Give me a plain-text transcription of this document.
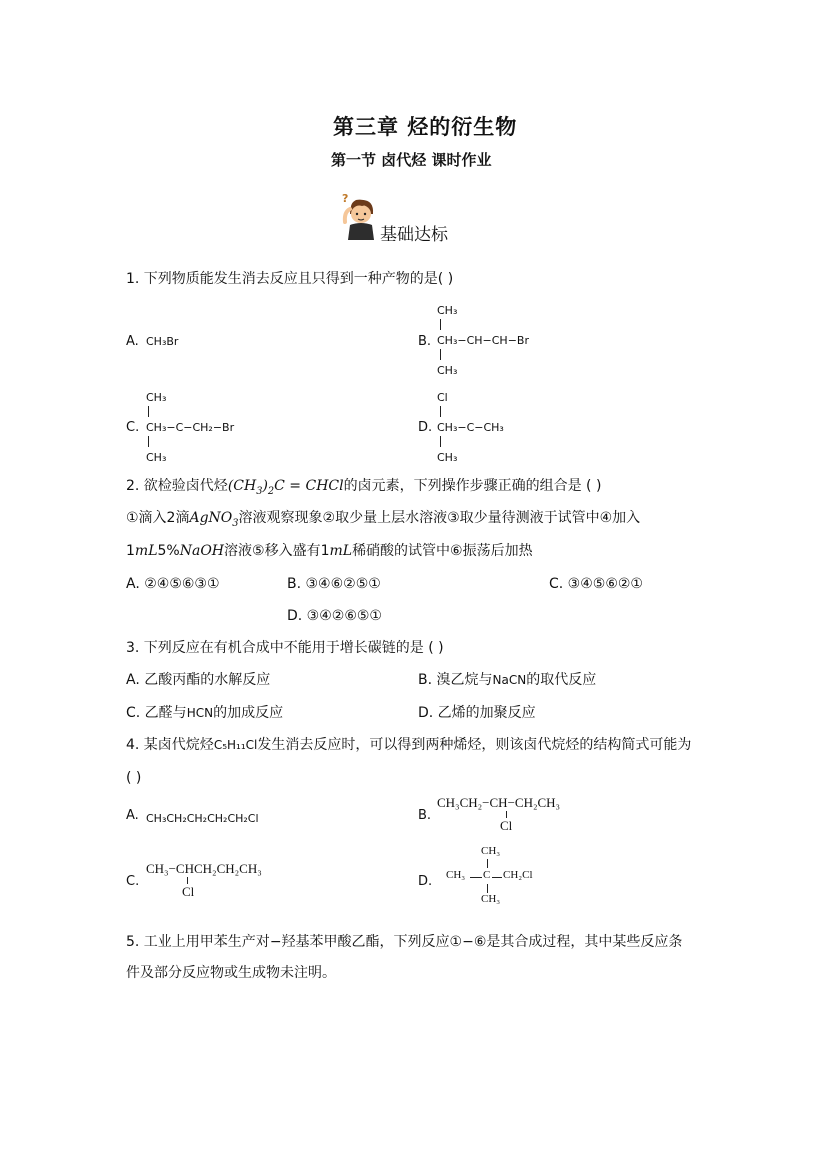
第三章 烃的衍生物
第一节 卤代烃 课时作业
?
基础达标
1. 下列物质能发生消去反应且只得到一种产物的是( )
A. CH₃Br	B.
CH₃
CH₃−CH−CH−Br
CH₃
C.
CH₃
CH₃−C−CH₂−Br
CH₃
D.
Cl
CH₃−C−CH₃
CH₃
2. 欲检验卤代烃$(CH_3)_2C$ = CHCl的卤元素，下列操作步骤正确的组合是 ( )
①滴入2滴AgNO$_3$溶液观察现象②取少量上层水溶液③取少量待测液于试管中④加入
1mL5%NaOH溶液⑤移入盛有1mL稀硝酸的试管中⑥振荡后加热
A. ②④⑤⑥③①	B. ③④⑥②⑤①	C. ③④⑤⑥②①
D. ③④②⑥⑤①
3. 下列反应在有机合成中不能用于增长碳链的是 ( )
A. 乙酸丙酯的水解反应	B. 溴乙烷与NaCN的取代反应
C. 乙醛与HCN的加成反应	D. 乙烯的加聚反应
4. 某卤代烷烃C₅H₁₁Cl发生消去反应时，可以得到两种烯烃，则该卤代烷烃的结构简式可能为
( )
A. CH₃CH₂CH₂CH₂CH₂Cl	B.
CH₃CH₂−CH−CH₂CH₃
Cl
C.
CH₃−CHCH₂CH₂CH₃
Cl
D.
CH₃
CH₃ C CH₂Cl
CH₃
5. 工业上用甲苯生产对−羟基苯甲酸乙酯，下列反应①−⑥是其合成过程，其中某些反应条
件及部分反应物或生成物未注明。
